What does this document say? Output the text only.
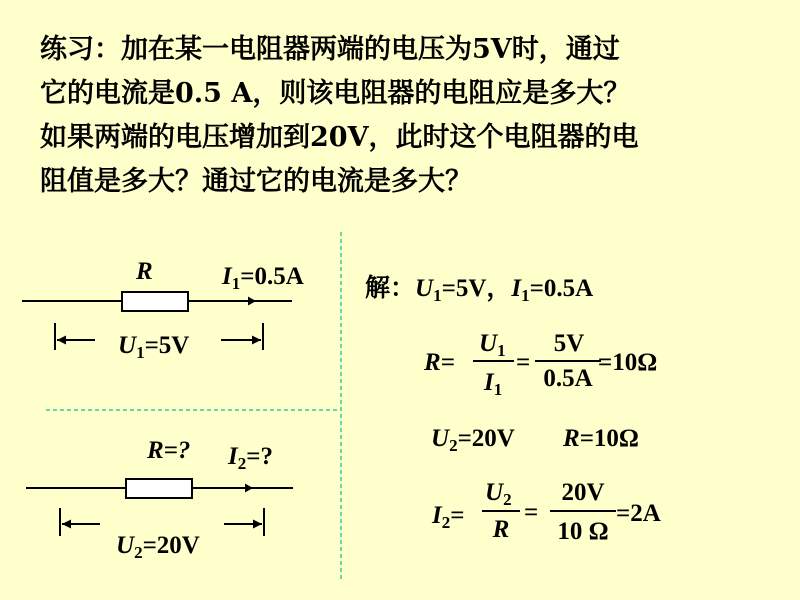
练习：加在某一电阻器两端的电压为5V时，通过
它的电流是0.5 A，则该电阻器的电阻应是多大？
如果两端的电压增加到20V，此时这个电阻器的电
阻值是多大？通过它的电流是多大？
R	$I_1=0.5A$
$U_1=5V$
R=? $I_2=$?
$U_2=20V$
解：$U_1=5V$，$I_1=0.5A$
R=
$U_1$
$I_1$
=
5V
0.5A
=10Ω
$U_2=20V$ R=10Ω
$I_2=$
$U_2$
R
=
20V
10 Ω
=2A
